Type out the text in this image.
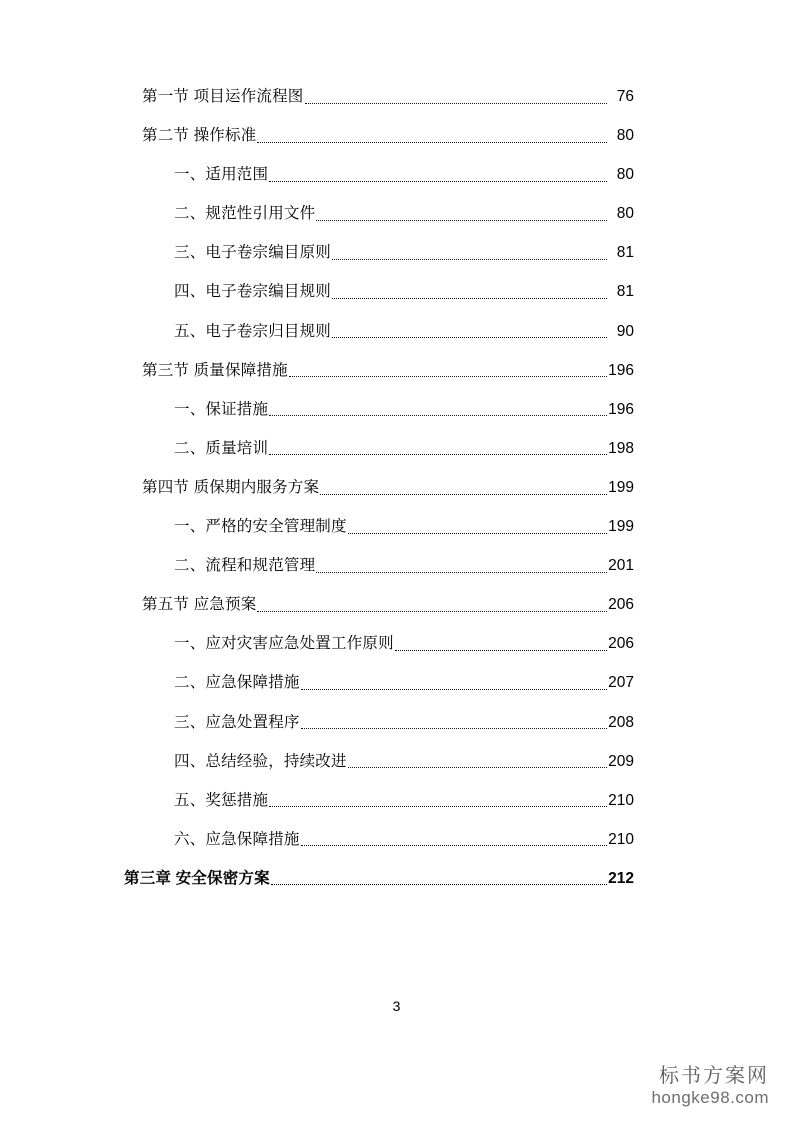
第一节 项目运作流程图	76
第二节 操作标准	80
一、适用范围	80
二、规范性引用文件	80
三、电子卷宗编目原则	81
四、电子卷宗编目规则	81
五、电子卷宗归目规则	90
第三节 质量保障措施	196
一、保证措施	196
二、质量培训	198
第四节 质保期内服务方案	199
一、严格的安全管理制度	199
二、流程和规范管理	201
第五节 应急预案	206
一、应对灾害应急处置工作原则	206
二、应急保障措施	207
三、应急处置程序	208
四、总结经验，持续改进	209
五、奖惩措施	210
六、应急保障措施	210
第三章 安全保密方案	212
3
标书方案网
hongke98.com
